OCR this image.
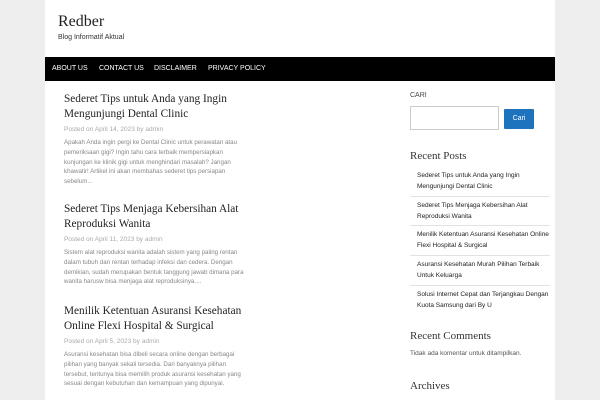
Redber
Blog Informatif Aktual
ABOUT US CONTACT US DISCLAIMER PRIVACY POLICY
Sederet Tips untuk Anda yang Ingin Mengunjungi Dental Clinic
Posted on April 14, 2023 by admin
Apakah Anda ingin pergi ke Dental Clinic untuk perawatan atau pemeriksaan gigi? Ingin tahu cara terbaik mempersiapkan kunjungan ke klinik gigi untuk menghindari masalah? Jangan khawatir! Artikel ini akan membahas sederet tips persiapan sebelum...
Sederet Tips Menjaga Kebersihan Alat Reproduksi Wanita
Posted on April 11, 2023 by admin
Sistem alat reproduksi wanita adalah sistem yang paling rentan dalam tubuh dan rentan terhadap infeksi dan cedera. Dengan demikian, sudah merupakan bentuk tanggung jawab dimana para wanita harusw bisa menjaga alat reproduksinya....
Menilik Ketentuan Asuransi Kesehatan Online Flexi Hospital & Surgical
Posted on April 5, 2023 by admin
Asuransi kesehatan bisa dibeli secara online dengan berbagai pilihan yang banyak sekali tersedia. Dari banyaknya pilihan tersebut, tentunya bisa memilih produk asuransi kesehatan yang sesuai dengan kebutuhan dan kemampuan yang dipunyai.
CARI
Cari
Recent Posts
Sederet Tips untuk Anda yang Ingin Mengunjungi Dental Clinic
Sederet Tips Menjaga Kebersihan Alat Reproduksi Wanita
Menilik Ketentuan Asuransi Kesehatan Online Flexi Hospital & Surgical
Asuransi Kesehatan Murah Pilihan Terbaik Untuk Keluarga
Solusi Internet Cepat dan Terjangkau Dengan Kuota Samsung dari By U
Recent Comments
Tidak ada komentar untuk ditampilkan.
Archives
